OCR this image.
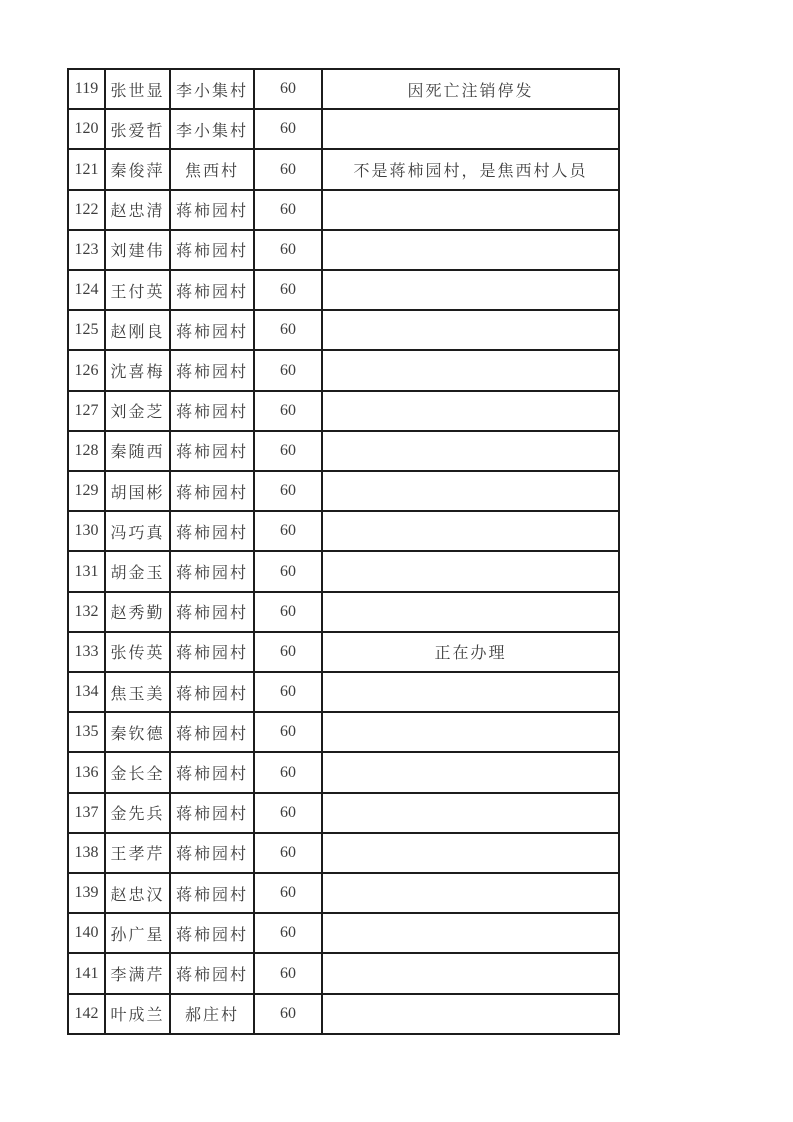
119	张世显	李小集村	60	因死亡注销停发
120	张爱哲	李小集村	60	
121	秦俊萍	焦西村	60	不是蒋柿园村，是焦西村人员
122	赵忠清	蒋柿园村	60	
123	刘建伟	蒋柿园村	60	
124	王付英	蒋柿园村	60	
125	赵刚良	蒋柿园村	60	
126	沈喜梅	蒋柿园村	60	
127	刘金芝	蒋柿园村	60	
128	秦随西	蒋柿园村	60	
129	胡国彬	蒋柿园村	60	
130	冯巧真	蒋柿园村	60	
131	胡金玉	蒋柿园村	60	
132	赵秀勤	蒋柿园村	60	
133	张传英	蒋柿园村	60	正在办理
134	焦玉美	蒋柿园村	60	
135	秦钦德	蒋柿园村	60	
136	金长全	蒋柿园村	60	
137	金先兵	蒋柿园村	60	
138	王孝芹	蒋柿园村	60	
139	赵忠汉	蒋柿园村	60	
140	孙广星	蒋柿园村	60	
141	李满芹	蒋柿园村	60	
142	叶成兰	郝庄村	60	
